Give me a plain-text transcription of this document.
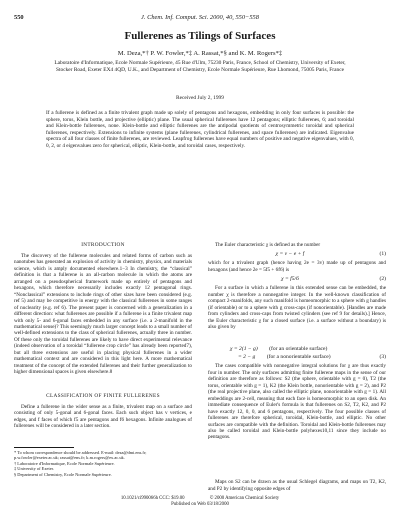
550	J. Chem. Inf. Comput. Sci. 2000, 40, 550−558
Fullerenes as Tilings of Surfaces
M. Deza,*† P. W. Fowler,*‡ A. Rassat,*§ and K. M. Rogers*‡
Laboratoire d'Informatique, Ecole Normale Supérieure, 45 Rue d'Ulm, 75230 Paris, France, School of Chemistry, University of Exeter, Stocker Road, Exeter EX4 4QD, U.K., and Department of Chemistry, Ecole Normale Supérieure, Rue Lhomond, 75005 Paris, France
Received July 2, 1999
If a fullerene is defined as a finite trivalent graph made up solely of pentagons and hexagons, embedding in only four surfaces is possible: the sphere, torus, Klein bottle, and projective (elliptic) plane. The usual spherical fullerenes have 12 pentagons; elliptic fullerenes, 6; and toroidal and Klein-bottle fullerenes, none. Klein-bottle and elliptic fullerenes are the antipodal quotients of centrosymmetric toroidal and spherical fullerenes, respectively. Extensions to infinite systems (plane fullerenes, cylindrical fullerenes, and space fullerenes) are indicated. Eigenvalue spectra of all four classes of finite fullerenes, are reviewed. Leapfrog fullerenes have equal numbers of positive and negative eigenvalues, with 0, 0, 2, or 4 eigenvalues zero for spherical, elliptic, Klein-bottle, and toroidal cases, respectively.
INTRODUCTION

The discovery of the fullerene molecules and related forms of carbon such as nanotubes has generated an explosion of activity in chemistry, physics, and materials science, which is amply documented elsewhere.1−3 In chemistry, the “classical” definition is that a fullerene is an all-carbon molecule in which the atoms are arranged on a pseudospherical framework made up entirely of pentagons and hexagons, which therefore necessarily includes exactly 12 pentagonal rings. “Nonclassical” extensions to include rings of other sizes have been considered (e.g. ref 5) and may be competitive in energy with the classical fullerenes in some ranges of nuclearity (e.g. ref 6). The present paper is concerned with a generalization in a different direction: what fullerenes are possible if a fullerene is a finite trivalent map with only 5- and 6-gonal faces embedded in any surface (i.e. a 2-manifold in the mathematical sense)? This seemingly much larger concept leads to a small number of well-defined extensions to the class of spherical fullerenes, actually three in number. Of these only the toroidal fullerenes are likely to have direct experimental relevance (indeed observation of a toroidal “fullerene crop circle” has already been reported7), but all three extensions are useful in placing physical fullerenes in a wider mathematical context and are considered in this light here. A more mathematical treatment of the concept of the extended fullerenes and their further generalization to higher dimensional spaces is given elsewhere.8

CLASSIFICATION OF FINITE FULLERENES

Define a fullerene in the wider sense as a finite, trivalent map on a surface and consisting of only 5-gonal and 6-gonal faces. Each such object has v vertices, e edges, and f faces of which f5 are pentagons and f6 hexagons. Infinite analogues of fullerenes will be considered in a later section.

* To whom correspondence should be addressed. E-mail: deza@dmi.ens.fr; p.w.fowler@exeter.ac.uk; rassat@ens.fr; k.m.rogers@ex.ac.uk.

† Laboratoire d'Informatique, Ecole Normale Supérieure.

‡ University of Exeter.

§ Department of Chemistry, Ecole Normale Supérieure.

The Euler characteristic χ is defined as the number

χ = v − e + f	(1)

which for a trivalent graph (hence having 2e = 3v) made up of pentagons and hexagons (and hence 2e = 5f5 + 6f6) is

χ = f5/6	(2)

For a surface in which a fullerene in this extended sense can be embedded, the number χ is therefore a nonnegative integer. In the well-known classification of compact 2-manifolds, any such manifold is homeomorphic to a sphere with g handles (if orientable) or to a sphere with g cross-caps (if nonorientable). [Handles are made from cylinders and cross-caps from twisted cylinders (see ref 9 for details).] Hence, the Euler characteristic χ for a closed surface (i.e. a surface without a boundary) is also given by

χ = 2(1 − g) (for an orientable surface)
= 2 − g (for a nonorientable surface)	(3)

The cases compatible with nonnegative integral solutions for χ are thus exactly four in number. The only surfaces admitting finite fullerene maps in the sense of our definition are therefore as follows: S2 (the sphere, orientable with g = 0), T2 (the torus, orientable with g = 1), K2 (the Klein bottle, nonorientable with g = 2), and P2 (the real projective plane, also called the elliptic plane, nonorientable with g = 1). All embeddings are 2-cell, meaning that each face is homeomorphic to an open disk. An immediate consequence of Euler's formula is that fullerenes on S2, T2, K2, and P2 have exactly 12, 0, 0, and 6 pentagons, respectively. The four possible classes of fullerenes are therefore spherical, toroidal, Klein-bottle, and elliptic. No other surfaces are compatible with the definition. Toroidal and Klein-bottle fullerenes may also be called toroidal and Klein-bottle polyhexes10,11 since they include no pentagons.

Maps on S2 can be drawn as the usual Schlegel diagrams, and maps on T2, K2, and P2 by identifying opposite edges of

10.1021/ci990066h CCC: $19.00	© 2000 American Chemical Society
Published on Web 03/18/2000
